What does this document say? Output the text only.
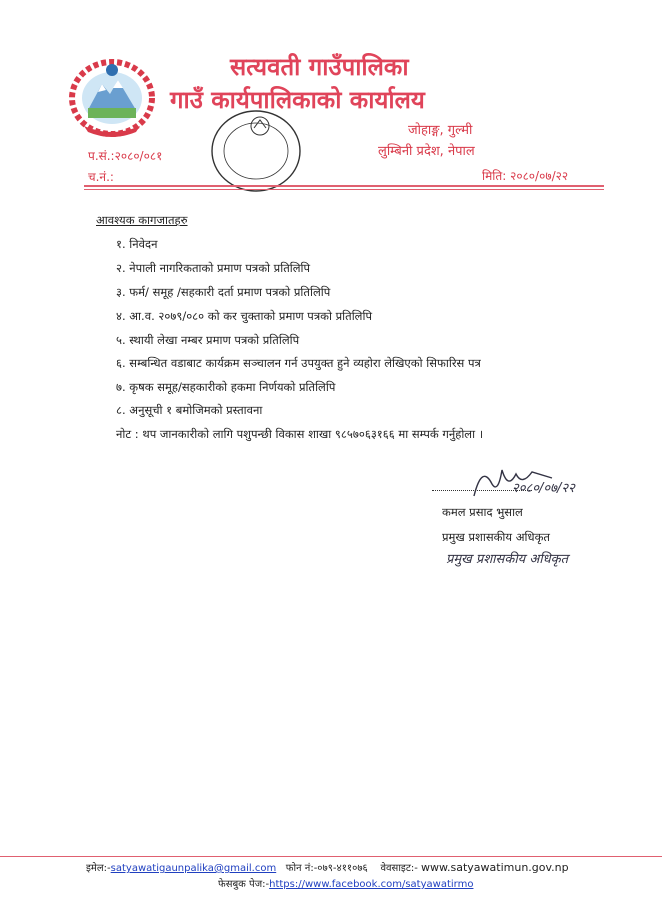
सत्यवती गाउँपालिका
गाउँ कार्यपालिकाको कार्यालय
जोहाङ्ग, गुल्मी
लुम्बिनी प्रदेश, नेपाल
प.सं.:२०८०/०८१
च.नं.:	मिति: २०८०/०७/२२
आवश्यक कागजातहरु
१. निवेदन
२. नेपाली नागरिकताको प्रमाण पत्रको प्रतिलिपि
३. फर्म/ समूह /सहकारी दर्ता प्रमाण पत्रको प्रतिलिपि
४. आ.व. २०७९/०८० को कर चुक्ताको प्रमाण पत्रको प्रतिलिपि
५. स्थायी लेखा नम्बर प्रमाण पत्रको प्रतिलिपि
६. सम्बन्धित वडाबाट कार्यक्रम सञ्चालन गर्न उपयुक्त हुने व्यहोरा लेखिएको सिफारिस पत्र
७. कृषक समूह/सहकारीको हकमा निर्णयको प्रतिलिपि
८. अनुसूची १ बमोजिमको प्रस्तावना
नोट : थप जानकारीको लागि पशुपन्छी विकास शाखा ९८५७०६३१६६ मा सम्पर्क गर्नुहोला ।
२०८०/०७/२२
कमल प्रसाद भुसाल
प्रमुख प्रशासकीय अधिकृत
प्रमुख प्रशासकीय अधिकृत
इमेल:-satyawatigaunpalika@gmail.com फोन नं:-०७९-४११०७६ वेवसाइट:- www.satyawatimun.gov.np
फेसबुक पेज:-https://www.facebook.com/satyawatirmo
